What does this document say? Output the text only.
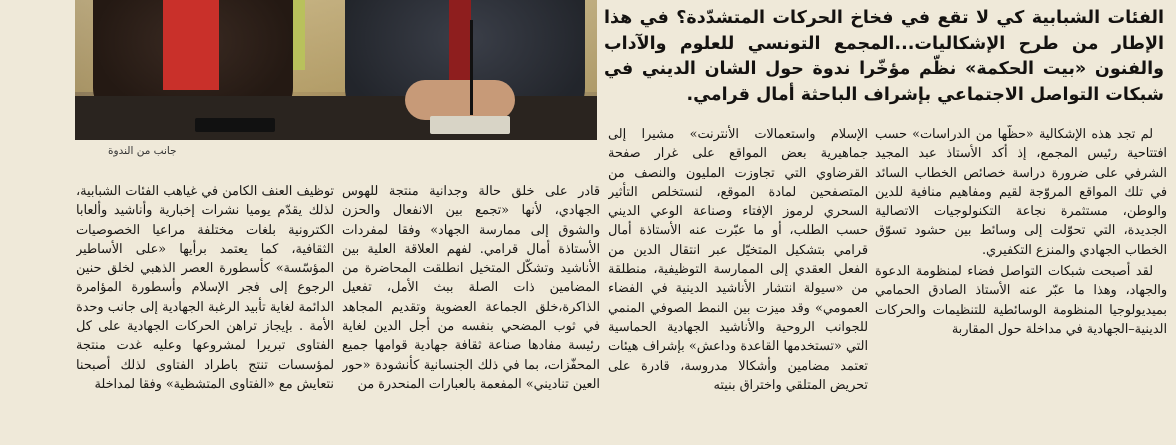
جانب من الندوة
الفئات الشبابية كي لا تقع في فخاخ الحركات المتشدّدة؟ في هذا الإطار من طرح الإشكاليات...المجمع التونسي للعلوم والآداب والفنون «بيت الحكمة» نظّم مؤخّرا ندوة حول الشان الديني في شبكات التواصل الاجتماعي بإشراف الباحثة أمال قرامي.

لم تجد هذه الإشكالية «حظّها من الدراسات» حسب افتتاحية رئيس المجمع، إذ أكد الأستاذ عبد المجيد الشرفي على ضرورة دراسة خصائص الخطاب السائد في تلك المواقع المروّجة لقيم ومفاهيم منافية للدين والوطن، مستثمرة نجاعة التكنولوجيات الاتصالية الجديدة، التي تحوّلت إلى وسائط بين حشود تسوّق الخطاب الجهادي والمنزع التكفيري.

لقد أصبحت شبكات التواصل فضاء لمنظومة الدعوة والجهاد، وهذا ما عبّر عنه الأستاذ الصادق الحمامي بميديولوجيا المنظومة الوسائطية للتنظيمات والحركات الدينية–الجهادية في مداخلة حول المقاربة

الإسلام واستعمالات الأنترنت» مشيرا إلى جماهيرية بعض المواقع على غرار صفحة القرضاوي التي تجاوزت المليون والنصف من المتصفحين لمادة الموقع، لنستخلص التأثير السحري لرموز الإفتاء وصناعة الوعي الديني حسب الطلب، أو ما عبّرت عنه الأستاذة أمال قرامي بتشكيل المتخيّل عبر انتقال الدين من الفعل العقدي إلى الممارسة التوظيفية، منطلقة من «سيولة انتشار الأناشيد الدينية في الفضاء العمومي» وقد ميزت بين النمط الصوفي المنمي للجوانب الروحية والأناشيد الجهادية الحماسية التي «تستخدمها القاعدة وداعش» بإشراف هيئات تعتمد مضامين وأشكالا مدروسة، قادرة على تحريض المتلقي واختراق بنيته

قادر على خلق حالة وجدانية منتجة للهوس الجهادي، لأنها «تجمع بين الانفعال والحزن والشوق إلى ممارسة الجهاد» وفقا لمفردات الأستاذة أمال قرامي. لفهم العلاقة العلية بين الأناشيد وتشكّل المتخيل انطلقت المحاضرة من المضامين ذات الصلة ببث الأمل، تفعيل الذاكرة،خلق الجماعة العضوية وتقديم المجاهد في ثوب المضحي بنفسه من أجل الدين لغاية رئيسة مفادها صناعة ثقافة جهادية قوامها جميع المحفّزات، بما في ذلك الجنسانية كأنشودة «حور العين تناديني» المفعمة بالعبارات المنحدرة من

توظيف العنف الكامن في غياهب الفئات الشبابية، لذلك يقدّم يوميا نشرات إخبارية وأناشيد وألعابا الكترونية بلغات مختلفة مراعيا الخصوصيات الثقافية، كما يعتمد برأيها «على الأساطير المؤسّسة» كأسطورة العصر الذهبي لخلق حنين الرجوع إلى فجر الإسلام وأسطورة المؤامرة الدائمة لغاية تأبيد الرغبة الجهادية إلى جانب وحدة الأمة . بإيجاز تراهن الحركات الجهادية على كل الفتاوى تبريرا لمشروعها وعليه غدت منتجة لمؤسسات تنتج باطراد الفتاوى لذلك أصبحنا نتعايش مع «الفتاوى المتشظية» وفقا لمداخلة
